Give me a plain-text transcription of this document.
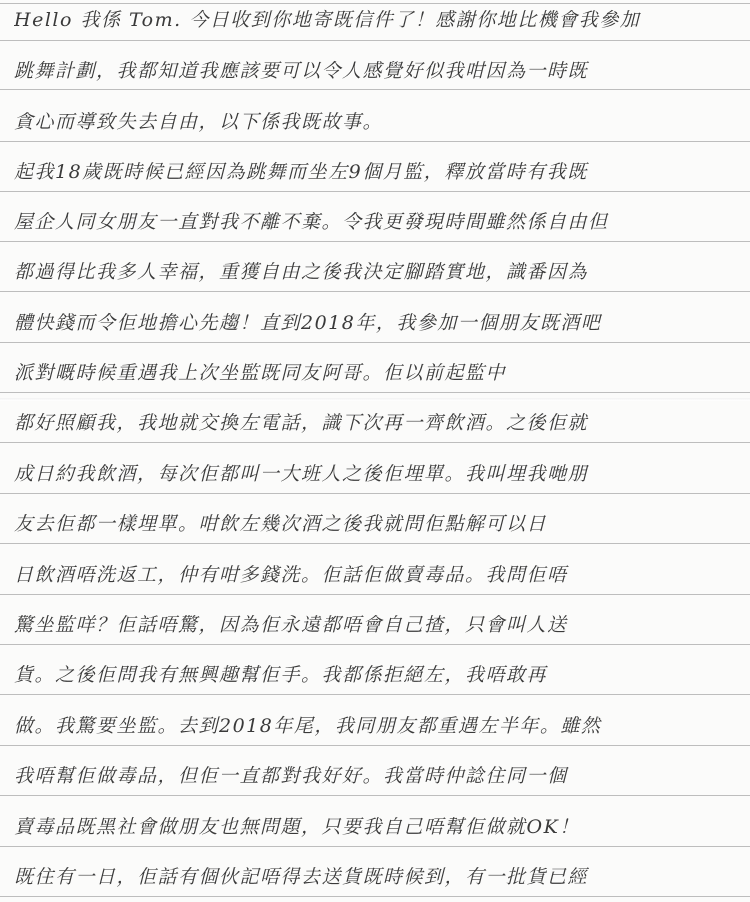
Hello 我係 Tom. 今日收到你地寄既信件了！感謝你地比機會我參加
跳舞計劃，我都知道我應該要可以令人感覺好似我咁因為一時既
貪心而導致失去自由，以下係我既故事。
起我18歲既時候已經因為跳舞而坐左9個月監，釋放當時有我既
屋企人同女朋友一直對我不離不棄。令我更發現時間雖然係自由但
都過得比我多人幸福，重獲自由之後我決定腳踏實地，識番因為
體快錢而令佢地擔心先趨！直到2018年，我參加一個朋友既酒吧
派對嘅時候重遇我上次坐監既同友阿哥。佢以前起監中
都好照顧我，我地就交換左電話，識下次再一齊飲酒。之後佢就
成日約我飲酒，每次佢都叫一大班人之後佢埋單。我叫埋我哋朋
友去佢都一樣埋單。咁飲左幾次酒之後我就問佢點解可以日
日飲酒唔洗返工，仲有咁多錢洗。佢話佢做賣毒品。我問佢唔
驚坐監咩？佢話唔驚，因為佢永遠都唔會自己揸，只會叫人送
貨。之後佢問我有無興趣幫佢手。我都係拒絕左，我唔敢再
做。我驚要坐監。去到2018年尾，我同朋友都重遇左半年。雖然
我唔幫佢做毒品，但佢一直都對我好好。我當時仲諗住同一個
賣毒品既黑社會做朋友也無問題，只要我自己唔幫佢做就OK！
既住有一日，佢話有個伙記唔得去送貨既時候到，有一批貨已經
